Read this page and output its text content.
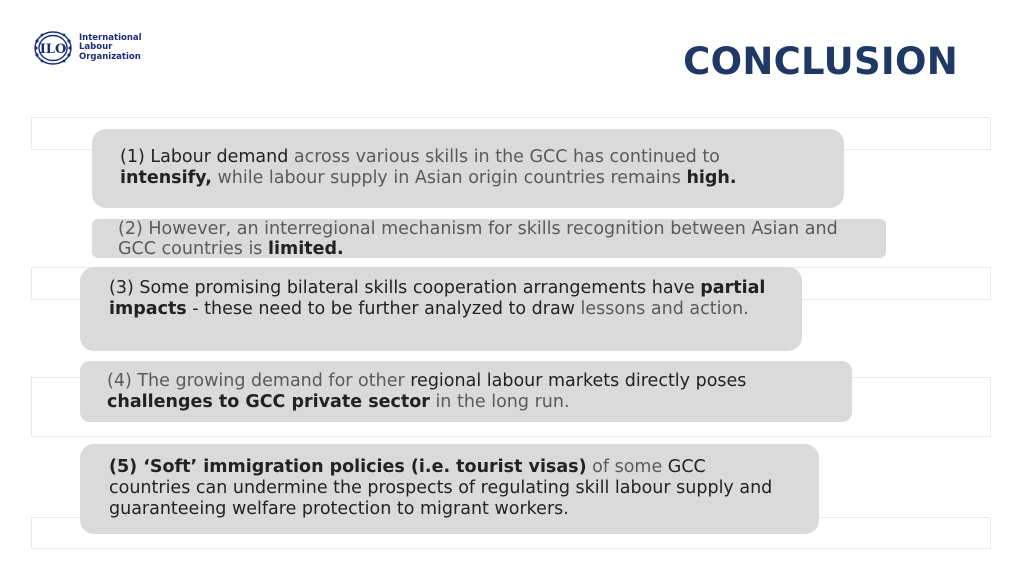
ILO
International
Labour
Organization	CONCLUSION

(1) Labour demand across various skills in the GCC has continued to intensify, while labour supply in Asian origin countries remains high.

(2) However, an interregional mechanism for skills recognition between Asian and GCC countries is limited.

(3) Some promising bilateral skills cooperation arrangements have partial impacts - these need to be further analyzed to draw lessons and action.

(4) The growing demand for other regional labour markets directly poses challenges to GCC private sector in the long run.

(5) ‘Soft’ immigration policies (i.e. tourist visas) of some GCC countries can undermine the prospects of regulating skill labour supply and guaranteeing welfare protection to migrant workers.
